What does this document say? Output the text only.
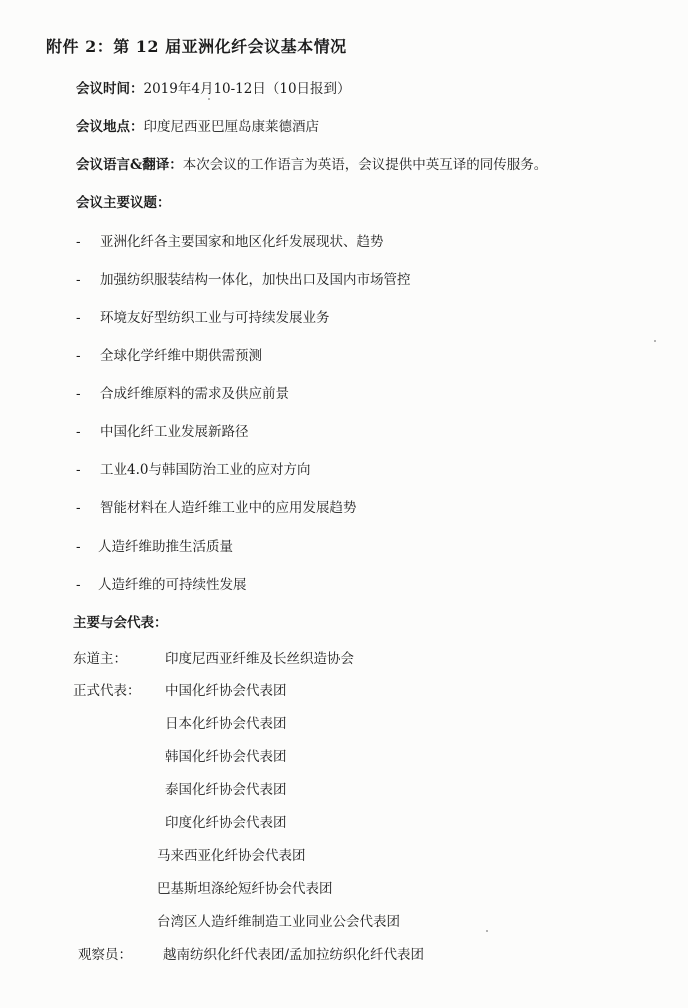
附件 2：第 12 届亚洲化纤会议基本情况
会议时间：2019年4月10-12日（10日报到）
会议地点：印度尼西亚巴厘岛康莱德酒店
会议语言&翻译：本次会议的工作语言为英语，会议提供中英互译的同传服务。
会议主要议题：
- 亚洲化纤各主要国家和地区化纤发展现状、趋势
- 加强纺织服装结构一体化，加快出口及国内市场管控
- 环境友好型纺织工业与可持续发展业务
- 全球化学纤维中期供需预测
- 合成纤维原料的需求及供应前景
- 中国化纤工业发展新路径
- 工业4.0与韩国防治工业的应对方向
- 智能材料在人造纤维工业中的应用发展趋势
- 人造纤维助推生活质量
- 人造纤维的可持续性发展
主要与会代表：
东道主：	印度尼西亚纤维及长丝织造协会
正式代表： 中国化纤协会代表团
日本化纤协会代表团
韩国化纤协会代表团
泰国化纤协会代表团
印度化纤协会代表团
马来西亚化纤协会代表团
巴基斯坦涤纶短纤协会代表团
台湾区人造纤维制造工业同业公会代表团
观察员： 越南纺织化纤代表团/孟加拉纺织化纤代表团
